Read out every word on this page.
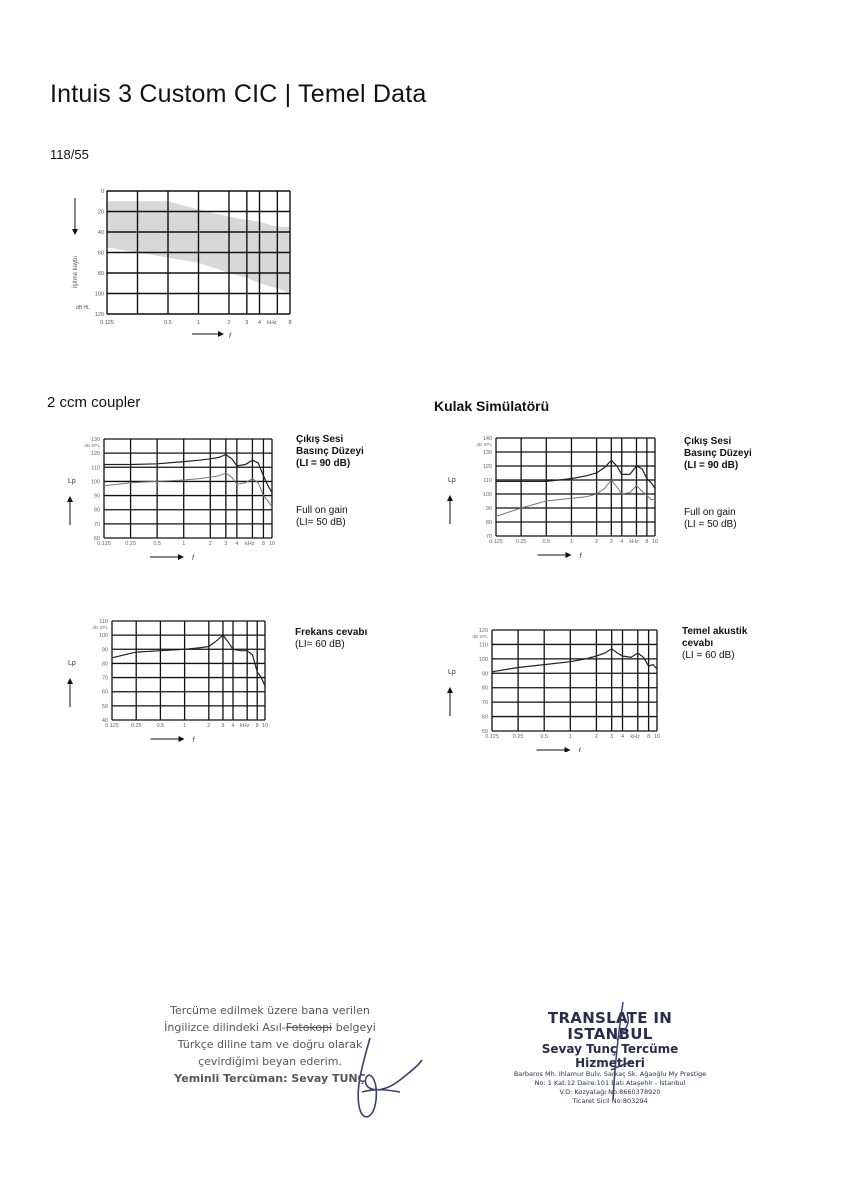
Intuis 3 Custom CIC | Temel Data
118/55
0
20
40
60
80
100
120
0.125	0.5	1	2	3 4 kHz 8
dB HL
İşitme kaybı
f
2 ccm coupler	Kulak Simülatörü
130
120
110
100
90
80
70
60
dB SPL
0.125	0.25	0.5	1	2 3 4 kHz 8 10
Lp
f
Çıkış Sesi
Basınç Düzeyi
(LI = 90 dB)
Full on gain
(LI= 50 dB)
110
100
90
80
70
60
50
40
dB SPL
0.125 0.25	0.5	1	2 3 4 kHz 8 10
Lp
f
Frekans cevabı
(LI= 60 dB)
140
130
120
110
100
90
80
70
dB SPL
0.125 0.25	0.5	1	2 3 4 kHz 8 10
Lp
f
Çıkış Sesi
Basınç Düzeyi
(LI = 90 dB)
Full on gain
(LI = 50 dB)
120
110
100
90
80
70
60
50
dB SPL
0.125	0.25	0.5	1	2 3 4 kHz 8 10
Lp
f
Temel akustik
cevabı
(LI = 60 dB)
Tercüme edilmek üzere bana verilen
İngilizce dilindeki Asıl-Fotokopi belgeyi
Türkçe diline tam ve doğru olarak
çevirdiğimi beyan ederim.
Yeminli Tercüman: Sevay TUNÇ
TRANSLATE IN ISTANBUL
Sevay Tunç Tercüme Hizmetleri
Barbaros Mh. Ihlamur Bulv. Sarkaç Sk. Ağaoğlu My Prestige
No: 1 Kat:12 Daire:101 Batı Ataşehir - İstanbul
V.D: Kozyatağı No:8660378920
Ticaret Sicil No:803294
